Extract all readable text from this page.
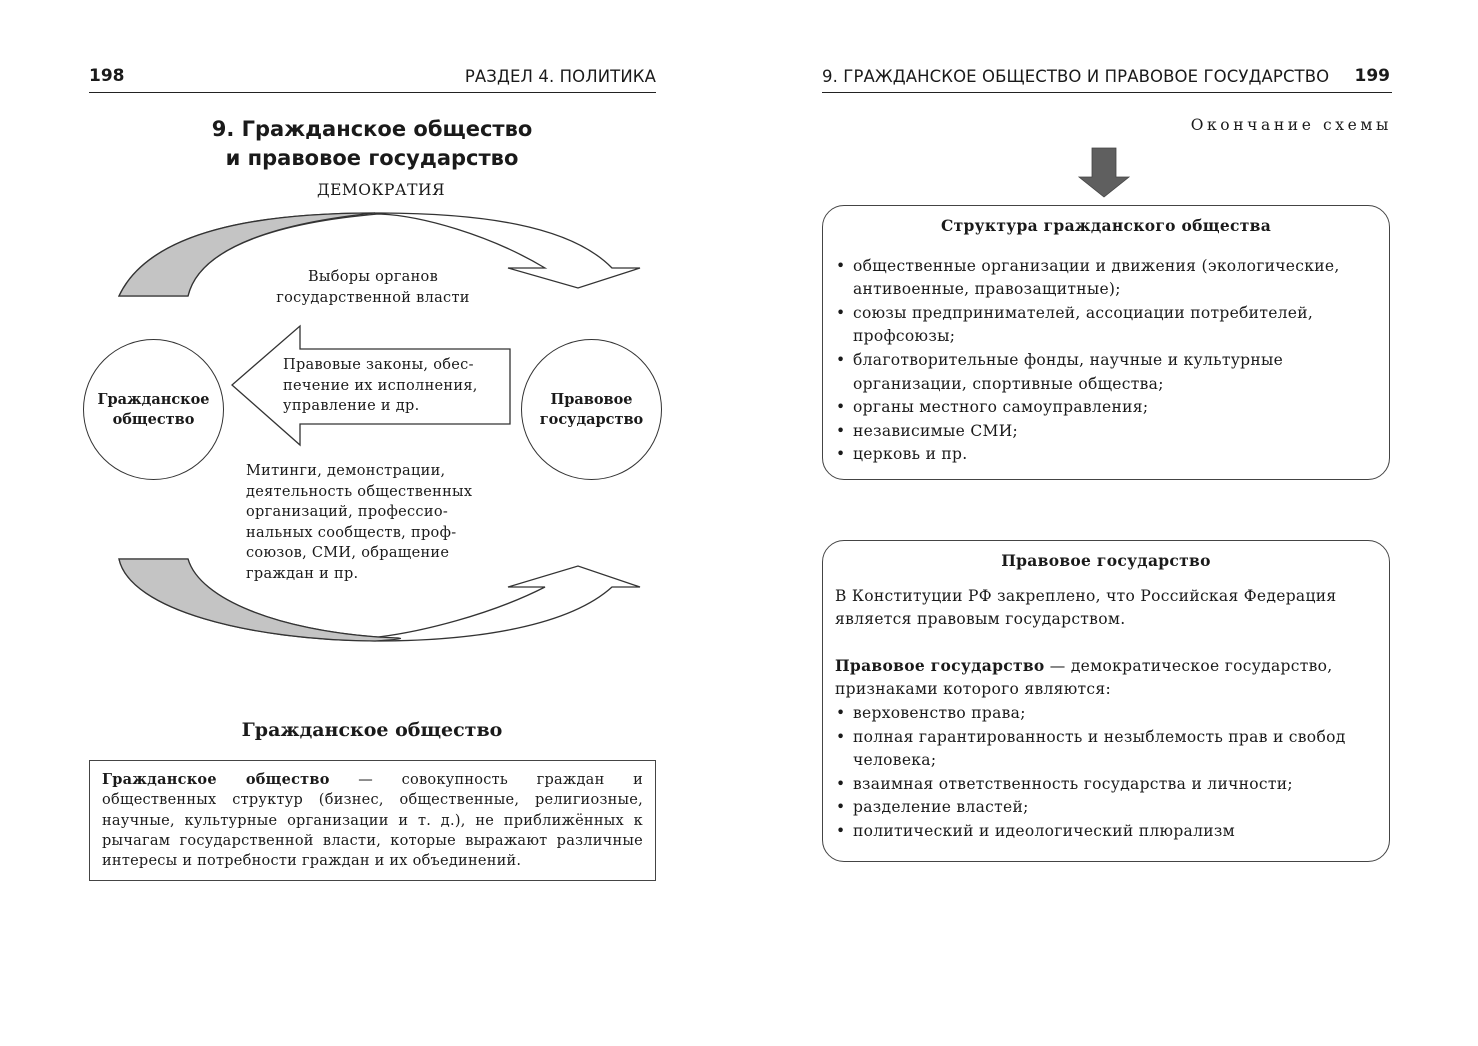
198	РАЗДЕЛ 4. ПОЛИТИКА
9. Гражданское общество
и правовое государство
ДЕМОКРАТИЯ
Выборы органов
государственной власти
Гражданское
общество
Правовое
государство
Правовые законы, обес-
печение их исполнения,
управление и др.
Митинги, демонстрации,
деятельность общественных
организаций, профессио-
нальных сообществ, проф-
союзов, СМИ, обращение
граждан и пр.
Гражданское общество
Гражданское общество — совокупность граждан и общественных структур (бизнес, общественные, религиозные, научные, культурные организации и т. д.), не приближённых к рычагам государственной власти, которые выражают различные интересы и потребности граждан и их объединений.
9. ГРАЖДАНСКОЕ ОБЩЕСТВО И ПРАВОВОЕ ГОСУДАРСТВО 199
Окончание схемы
Структура гражданского общества
• общественные организации и движения (экологические, антивоенные, правозащитные);
• союзы предпринимателей, ассоциации потребителей, профсоюзы;
• благотворительные фонды, научные и культурные организации, спортивные общества;
• органы местного самоуправления;
• независимые СМИ;
• церковь и пр.
Правовое государство

В Конституции РФ закреплено, что Российская Федерация является правовым государством.

Правовое государство — демократическое государство, признаками которого являются:

• верховенство права;
• полная гарантированность и незыблемость прав и свобод человека;
• взаимная ответственность государства и личности;
• разделение властей;
• политический и идеологический плюрализм
